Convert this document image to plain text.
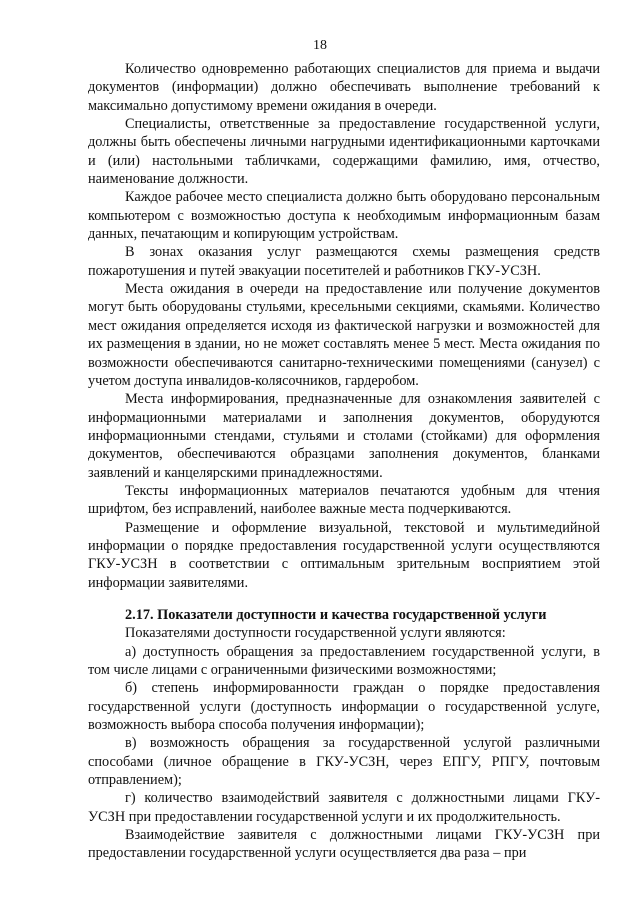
18

Количество одновременно работающих специалистов для приема и выдачи документов (информации) должно обеспечивать выполнение требований к максимально допустимому времени ожидания в очереди.

Специалисты, ответственные за предоставление государственной услуги, должны быть обеспечены личными нагрудными идентификационными карточками и (или) настольными табличками, содержащими фамилию, имя, отчество, наименование должности.

Каждое рабочее место специалиста должно быть оборудовано персональным компьютером с возможностью доступа к необходимым информационным базам данных, печатающим и копирующим устройствам.

В зонах оказания услуг размещаются схемы размещения средств пожаротушения и путей эвакуации посетителей и работников ГКУ-УСЗН.

Места ожидания в очереди на предоставление или получение документов могут быть оборудованы стульями, кресельными секциями, скамьями. Количество мест ожидания определяется исходя из фактической нагрузки и возможностей для их размещения в здании, но не может составлять менее 5 мест. Места ожидания по возможности обеспечиваются санитарно-техническими помещениями (санузел) с учетом доступа инвалидов-колясочников, гардеробом.

Места информирования, предназначенные для ознакомления заявителей с информационными материалами и заполнения документов, оборудуются информационными стендами, стульями и столами (стойками) для оформления документов, обеспечиваются образцами заполнения документов, бланками заявлений и канцелярскими принадлежностями.

Тексты информационных материалов печатаются удобным для чтения шрифтом, без исправлений, наиболее важные места подчеркиваются.

Размещение и оформление визуальной, текстовой и мультимедийной информации о порядке предоставления государственной услуги осуществляются ГКУ-УСЗН в соответствии с оптимальным зрительным восприятием этой информации заявителями.

2.17. Показатели доступности и качества государственной услуги

Показателями доступности государственной услуги являются:

а) доступность обращения за предоставлением государственной услуги, в том числе лицами с ограниченными физическими возможностями;

б) степень информированности граждан о порядке предоставления государственной услуги (доступность информации о государственной услуге, возможность выбора способа получения информации);

в) возможность обращения за государственной услугой различными способами (личное обращение в ГКУ-УСЗН, через ЕПГУ, РПГУ, почтовым отправлением);

г) количество взаимодействий заявителя с должностными лицами ГКУ-УСЗН при предоставлении государственной услуги и их продолжительность.

Взаимодействие заявителя с должностными лицами ГКУ-УСЗН при предоставлении государственной услуги осуществляется два раза – при
